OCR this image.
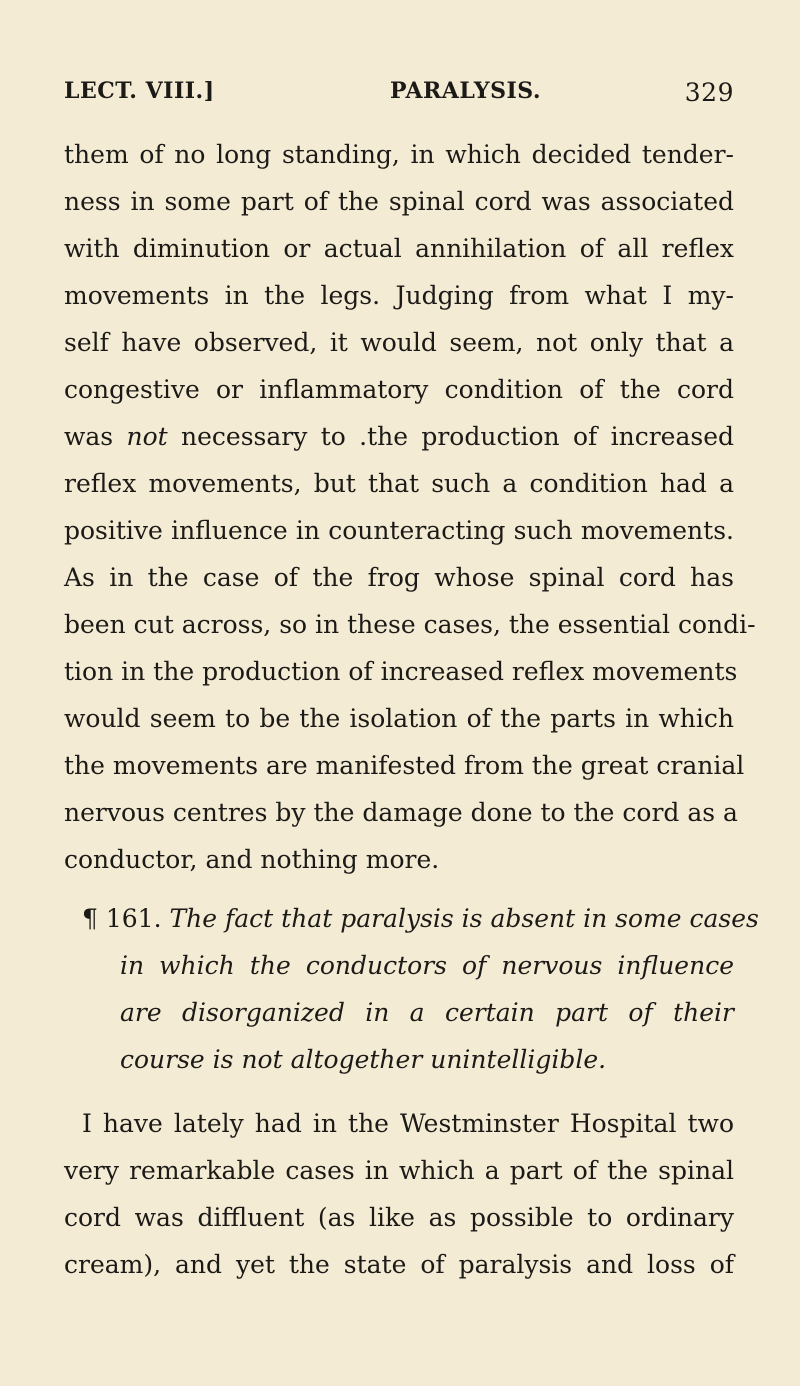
LECT. VIII.]	PARALYSIS.	329
them of no long standing, in which decided tender-
ness in some part of the spinal cord was associated
with diminution or actual annihilation of all reflex
movements in the legs. Judging from what I my-
self have observed, it would seem, not only that a
congestive or inflammatory condition of the cord
was not necessary to .the production of increased
reflex movements, but that such a condition had a
positive influence in counteracting such movements.
As in the case of the frog whose spinal cord has
been cut across, so in these cases, the essential condi-
tion in the production of increased reflex movements
would seem to be the isolation of the parts in which
the movements are manifested from the great cranial
nervous centres by the damage done to the cord as a
conductor, and nothing more.
¶ 161. The fact that paralysis is absent in some cases
in which the conductors of nervous influence
are disorganized in a certain part of their
course is not altogether unintelligible.
I have lately had in the Westminster Hospital two
very remarkable cases in which a part of the spinal
cord was diffluent (as like as possible to ordinary
cream), and yet the state of paralysis and loss of
